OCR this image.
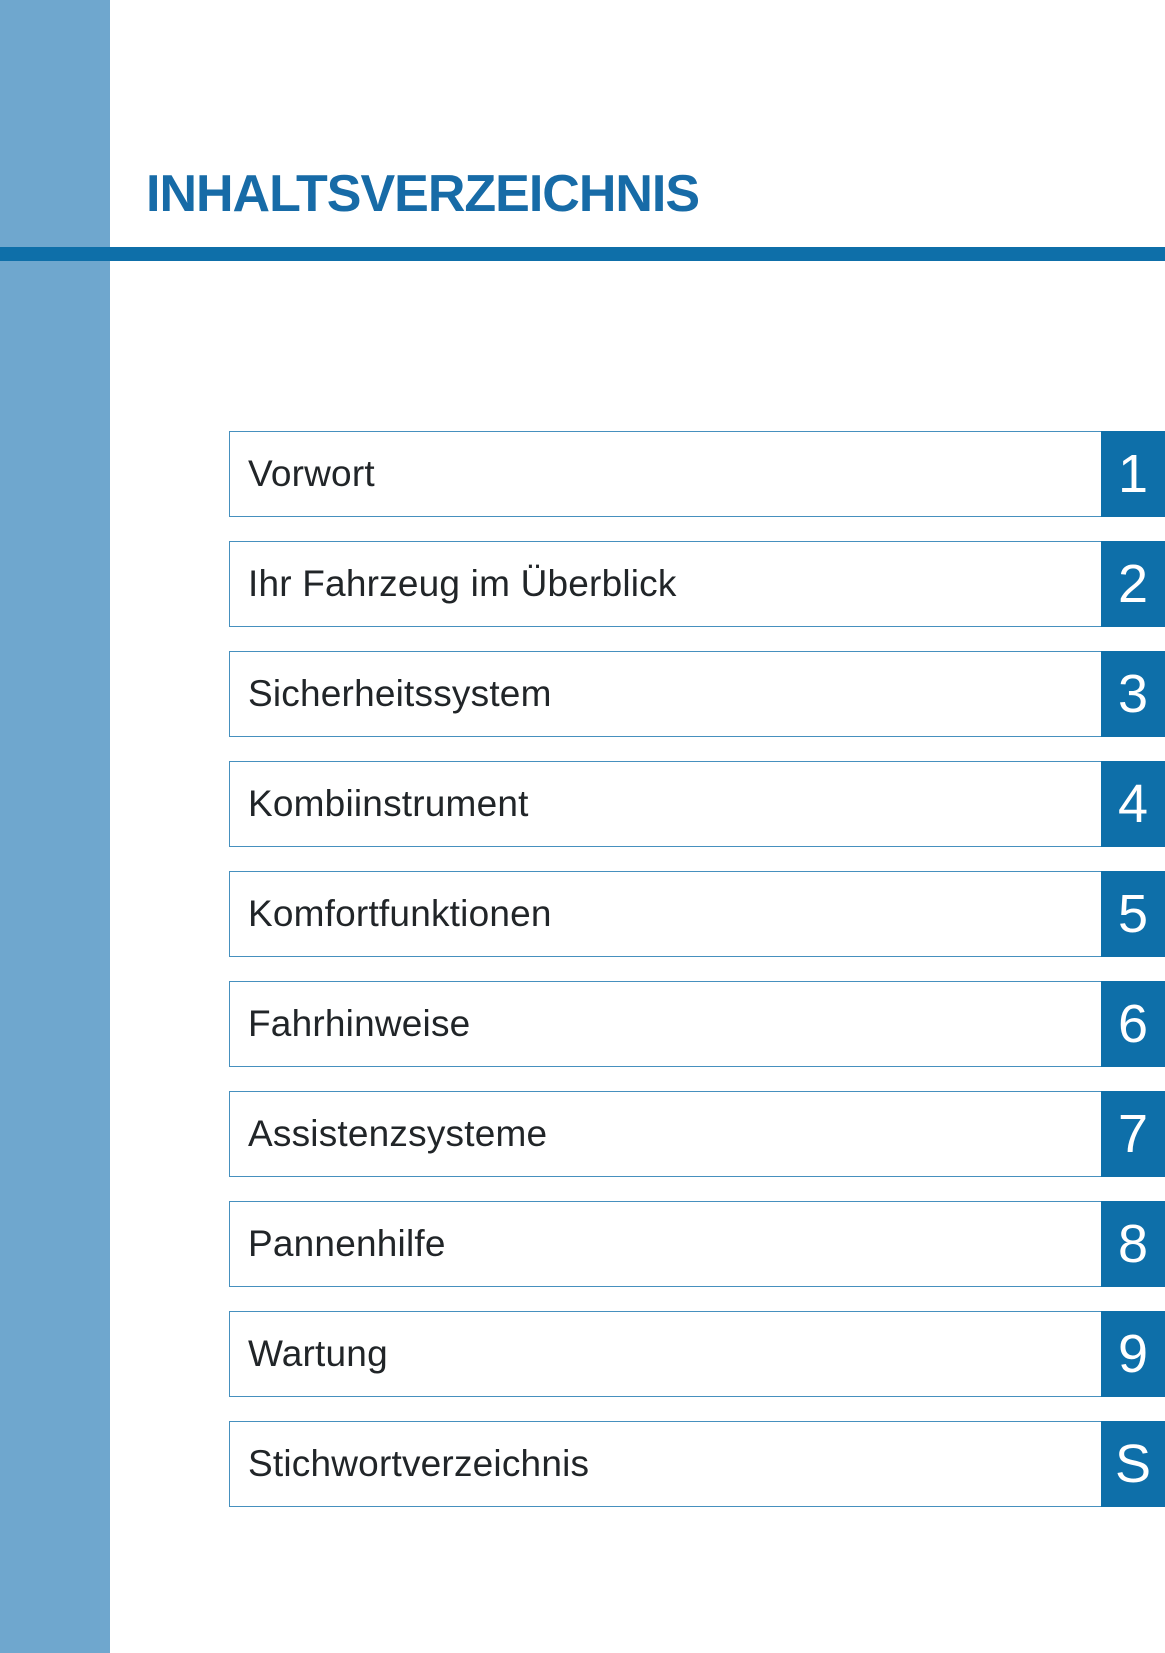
INHALTSVERZEICHNIS
Vorwort	1
Ihr Fahrzeug im Überblick	2
Sicherheitssystem	3
Kombiinstrument	4
Komfortfunktionen	5
Fahrhinweise	6
Assistenzsysteme	7
Pannenhilfe	8
Wartung	9
Stichwortverzeichnis	S
